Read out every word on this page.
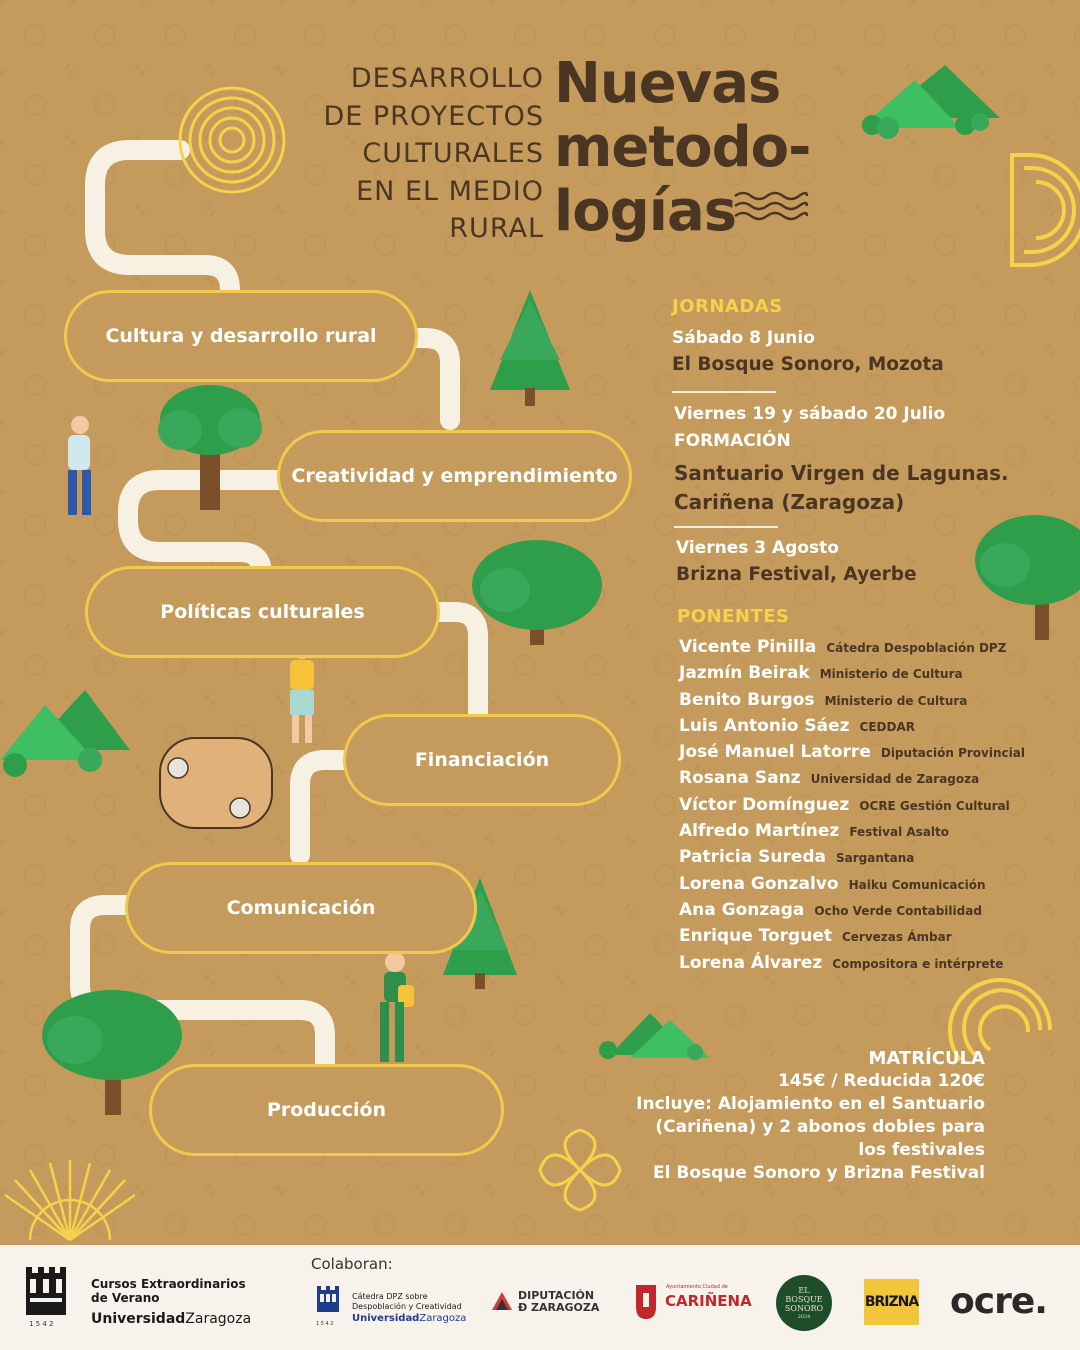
DESARROLLO
DE PROYECTOS
CULTURALES
EN EL MEDIO
RURAL
Nuevas
metodo-
logías
Cultura y desarrollo rural
Creatividad y emprendimiento
Políticas culturales
Financiación
Comunicación
Producción
JORNADAS
Sábado 8 Junio
El Bosque Sonoro, Mozota
Viernes 19 y sábado 20 Julio
FORMACIÓN
Santuario Virgen de Lagunas.
Cariñena (Zaragoza)
Viernes 3 Agosto
Brizna Festival, Ayerbe
PONENTES
Vicente Pinilla Cátedra Despoblación DPZ
Jazmín Beirak Ministerio de Cultura
Benito Burgos Ministerio de Cultura
Luis Antonio Sáez CEDDAR
José Manuel Latorre Diputación Provincial
Rosana Sanz Universidad de Zaragoza
Víctor Domínguez OCRE Gestión Cultural
Alfredo Martínez Festival Asalto
Patricia Sureda Sargantana
Lorena Gonzalvo Haiku Comunicación
Ana Gonzaga Ocho Verde Contabilidad
Enrique Torguet Cervezas Ámbar
Lorena Álvarez Compositora e intérprete
MATRÍCULA
145€ / Reducida 120€
Incluye: Alojamiento en el Santuario
(Cariñena) y 2 abonos dobles para
los festivales
El Bosque Sonoro y Brizna Festival
1 5 4 2
Cursos Extraordinarios
de Verano
UniversidadZaragoza
Colaboran:
1 5 4 2
Cátedra DPZ sobre
Despoblación y Creatividad
UniversidadZaragoza
DIPUTACIÓN
Ð ZARAGOZA
Ayuntamiento Ciudad de
CARIÑENA
EL
BOSQUE
SONORO
2024
BRIZNA ocre.
